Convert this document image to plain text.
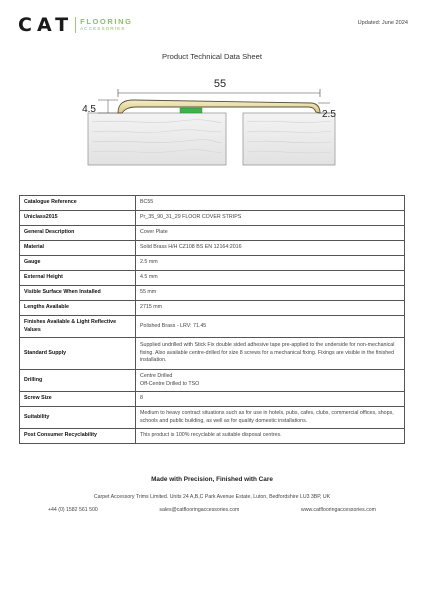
CAT FLOORING
ACCESSORIES
Updated: June 2024
Product Technical Data Sheet
55
4.5	2.5
Catalogue Reference	BC55
Uniclass2015	Pr_35_90_31_29 FLOOR COVER STRIPS
General Description	Cover Plate
Material	Solid Brass H/H CZ108 BS EN 12164:2016
Gauge	2.5 mm
External Height	4.5 mm
Visible Surface When Installed	55 mm
Lengths Available	2715 mm
Finishes Available & Light Reflective Values	Polished Brass - LRV: 71.45
Standard Supply	Supplied undrilled with Stick Fix double sided adhesive tape pre-applied to the underside for non-mechanical fixing. Also available centre-drilled for size 8 screws for a mechanical fixing. Fixings are visible in the finished installation.
Drilling	Centre Drilled
Off-Centre Drilled to TSO

Screw Size	8
Suitability	Medium to heavy contract situations such as for use in hotels, pubs, cafes, clubs, commercial offices, shops, schools and public building, as well as for quality domestic installations.
Post Consumer Recyclability	This product is 100% recyclable at suitable disposal centres.
Made with Precision, Finished with Care
Carpet Accessory Trims Limited. Units 24 A,B,C Park Avenue Estate, Luton, Bedfordshire LU3 3BP, UK
+44 (0) 1582 561 500	sales@catflooringaccessories.com	www.catflooringaccessories.com
